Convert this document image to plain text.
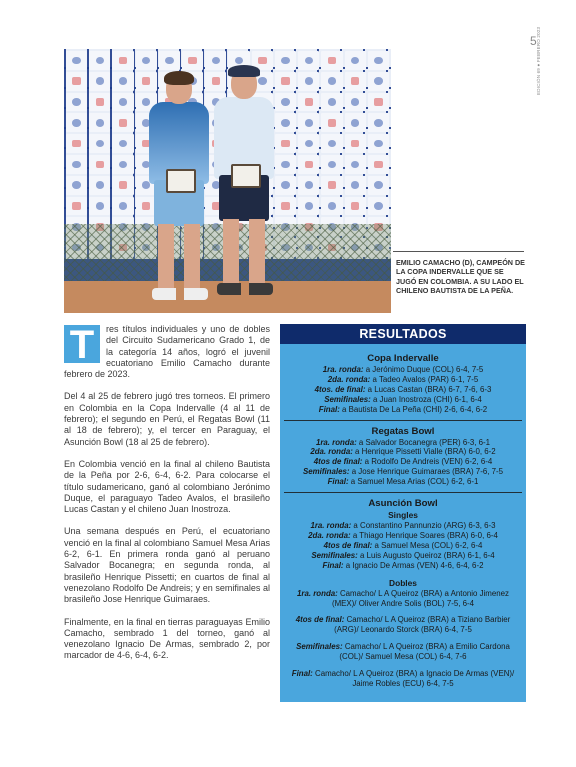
5 EDICIÓN 69 ● FEBRERO 2023
EMILIO CAMACHO (D), CAMPEÓN DE LA COPA INDERVALLE QUE SE JUGÓ EN COLOMBIA. A SU LADO EL CHILENO BAUTISTA DE LA PEÑA.

T	res títulos individuales y uno de dobles del Circuito Sudamericano Grado 1, de la categoría 14 años, logró el juvenil ecuatoriano Emilio Camacho durante febrero de 2023.

Del 4 al 25 de febrero jugó tres torneos. El primero en Colombia en la Copa Indervalle (4 al 11 de febrero); el segundo en Perú, el Regatas Bowl (11 al 18 de febrero); y, el tercer en Paraguay, el Asunción Bowl (18 al 25 de febrero).

En Colombia venció en la final al chileno Bautista de la Peña por 2-6, 6-4, 6-2. Para colocarse el título sudamericano, ganó al colombiano Jerónimo Duque, el paraguayo Tadeo Avalos, el brasileño Lucas Castan y el chileno Juan Inostroza.

Una semana después en Perú, el ecuatoriano venció en la final al colombiano Samuel Mesa Arias 6-2, 6-1. En primera ronda ganó al peruano Salvador Bocanegra; en segunda ronda, al brasileño Henrique Pissetti; en cuartos de final al venezolano Rodolfo De Andreis; y en semifinales al brasileño Jose Henrique Guimaraes.

Finalmente, en la final en tierras paraguayas Emilio Camacho, sembrado 1 del torneo, ganó al venezolano Ignacio De Armas, sembrado 2, por marcador de 4-6, 6-4, 6-2.

RESULTADOS
Copa Indervalle
1ra. ronda: a Jerónimo Duque (COL) 6-4, 7-5
2da. ronda: a Tadeo Avalos (PAR) 6-1, 7-5
4tos. de final: a Lucas Castan (BRA) 6-7, 7-6, 6-3
Semifinales: a Juan Inostroza (CHI) 6-1, 6-4
Final: a Bautista De La Peña (CHI) 2-6, 6-4, 6-2
Regatas Bowl
1ra. ronda: a Salvador Bocanegra (PER) 6-3, 6-1
2da. ronda: a Henrique Pissetti Vialle (BRA) 6-0, 6-2
4tos de final: a Rodolfo De Andreis (VEN) 6-2, 6-4
Semifinales: a Jose Henrique Guimaraes (BRA) 7-6, 7-5
Final: a Samuel Mesa Arias (COL) 6-2, 6-1
Asunción Bowl
Singles
1ra. ronda: a Constantino Pannunzio (ARG) 6-3, 6-3
2da. ronda: a Thiago Henrique Soares (BRA) 6-0, 6-4
4tos de final: a Samuel Mesa (COL) 6-2, 6-4
Semifinales: a Luis Augusto Queiroz (BRA) 6-1, 6-4
Final: a Ignacio De Armas (VEN) 4-6, 6-4, 6-2
Dobles
1ra. ronda: Camacho/ L A Queiroz (BRA) a Antonio Jimenez (MEX)/ Oliver Andre Solis (BOL) 7-5, 6-4
4tos de final: Camacho/ L A Queiroz (BRA) a Tiziano Barbier (ARG)/ Leonardo Storck (BRA) 6-4, 7-5
Semifinales: Camacho/ L A Queiroz (BRA) a Emilio Cardona (COL)/ Samuel Mesa (COL) 6-4, 7-6
Final: Camacho/ L A Queiroz (BRA) a Ignacio De Armas (VEN)/ Jaime Robles (ECU) 6-4, 7-5
